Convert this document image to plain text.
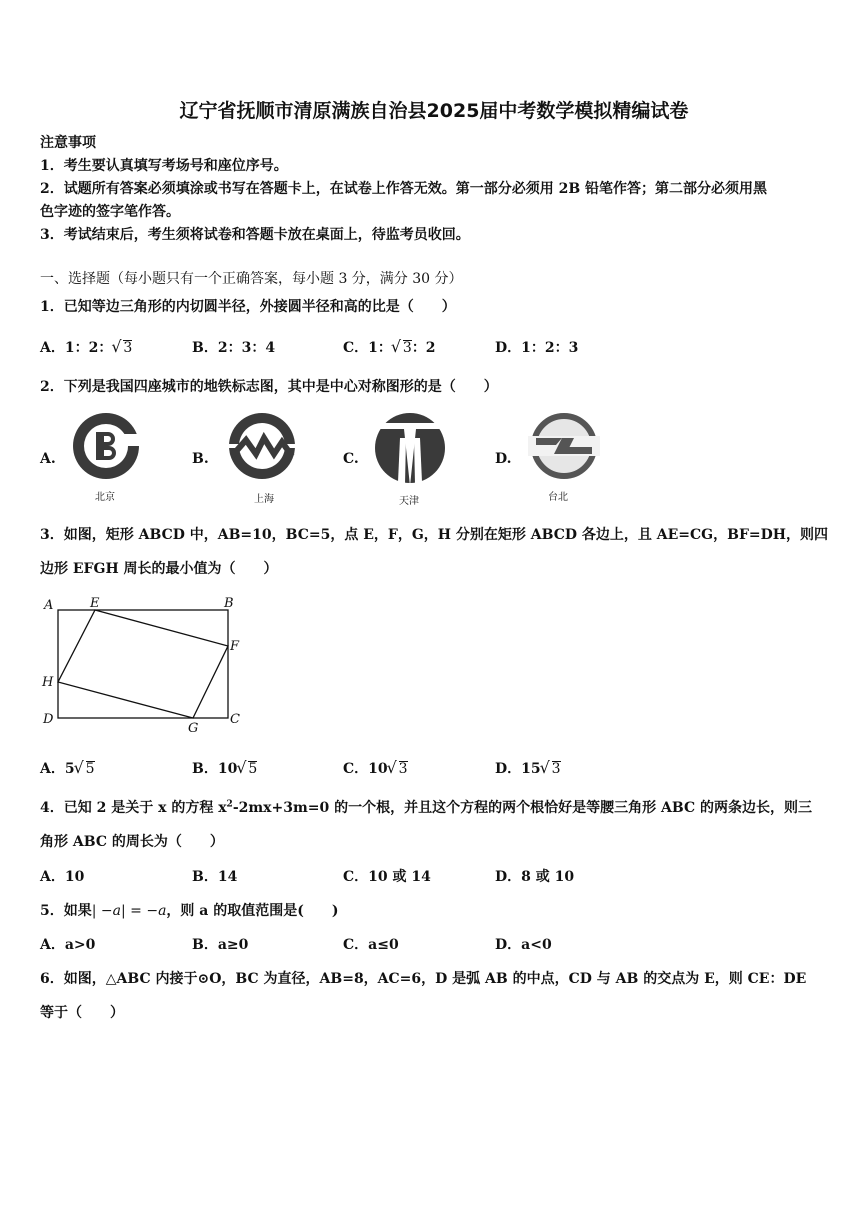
辽宁省抚顺市清原满族自治县2025届中考数学模拟精编试卷
注意事项
1．考生要认真填写考场号和座位序号。
2．试题所有答案必须填涂或书写在答题卡上，在试卷上作答无效。第一部分必须用 2B 铅笔作答；第二部分必须用黑
色字迹的签字笔作答。
3．考试结束后，考生须将试卷和答题卡放在桌面上，待监考员收回。
一、选择题（每小题只有一个正确答案，每小题 3 分，满分 30 分）
1．已知等边三角形的内切圆半径，外接圆半径和高的比是（　　）
A．1：2： √ 3	B．2：3：4	C．1： √ 3：2	D．1：2：3
2．下列是我国四座城市的地铁标志图，其中是中心对称图形的是（　　）
A.
北京
B.
上海
C.
天津
D.
台北
3．如图，矩形 ABCD 中，AB=10，BC=5，点 E，F，G，H 分别在矩形 ABCD 各边上，且 AE=CG，BF=DH，则四
边形 EFGH 周长的最小值为（　　）
A	E	B
F
H
D
G
C
A．5 √ 5	B．10 √ 5	C．10 √ 3	D．15 √ 3
4．已知 2 是关于 x 的方程 $x^2-2mx+3m=0$ 的一个根，并且这个方程的两个根恰好是等腰三角形 ABC 的两条边长，则三
角形 ABC 的周长为（　　）
A．10	B．14	C．10 或 14	D．8 或 10
5．如果| −a| = −a，则 a 的取值范围是(　　)
A．a>0	B．a≥0	C．a≤0	D．a<0
6．如图，△ABC 内接于⊙O，BC 为直径，AB=8，AC=6，D 是弧 AB 的中点，CD 与 AB 的交点为 E，则 CE：DE
等于（　　）
